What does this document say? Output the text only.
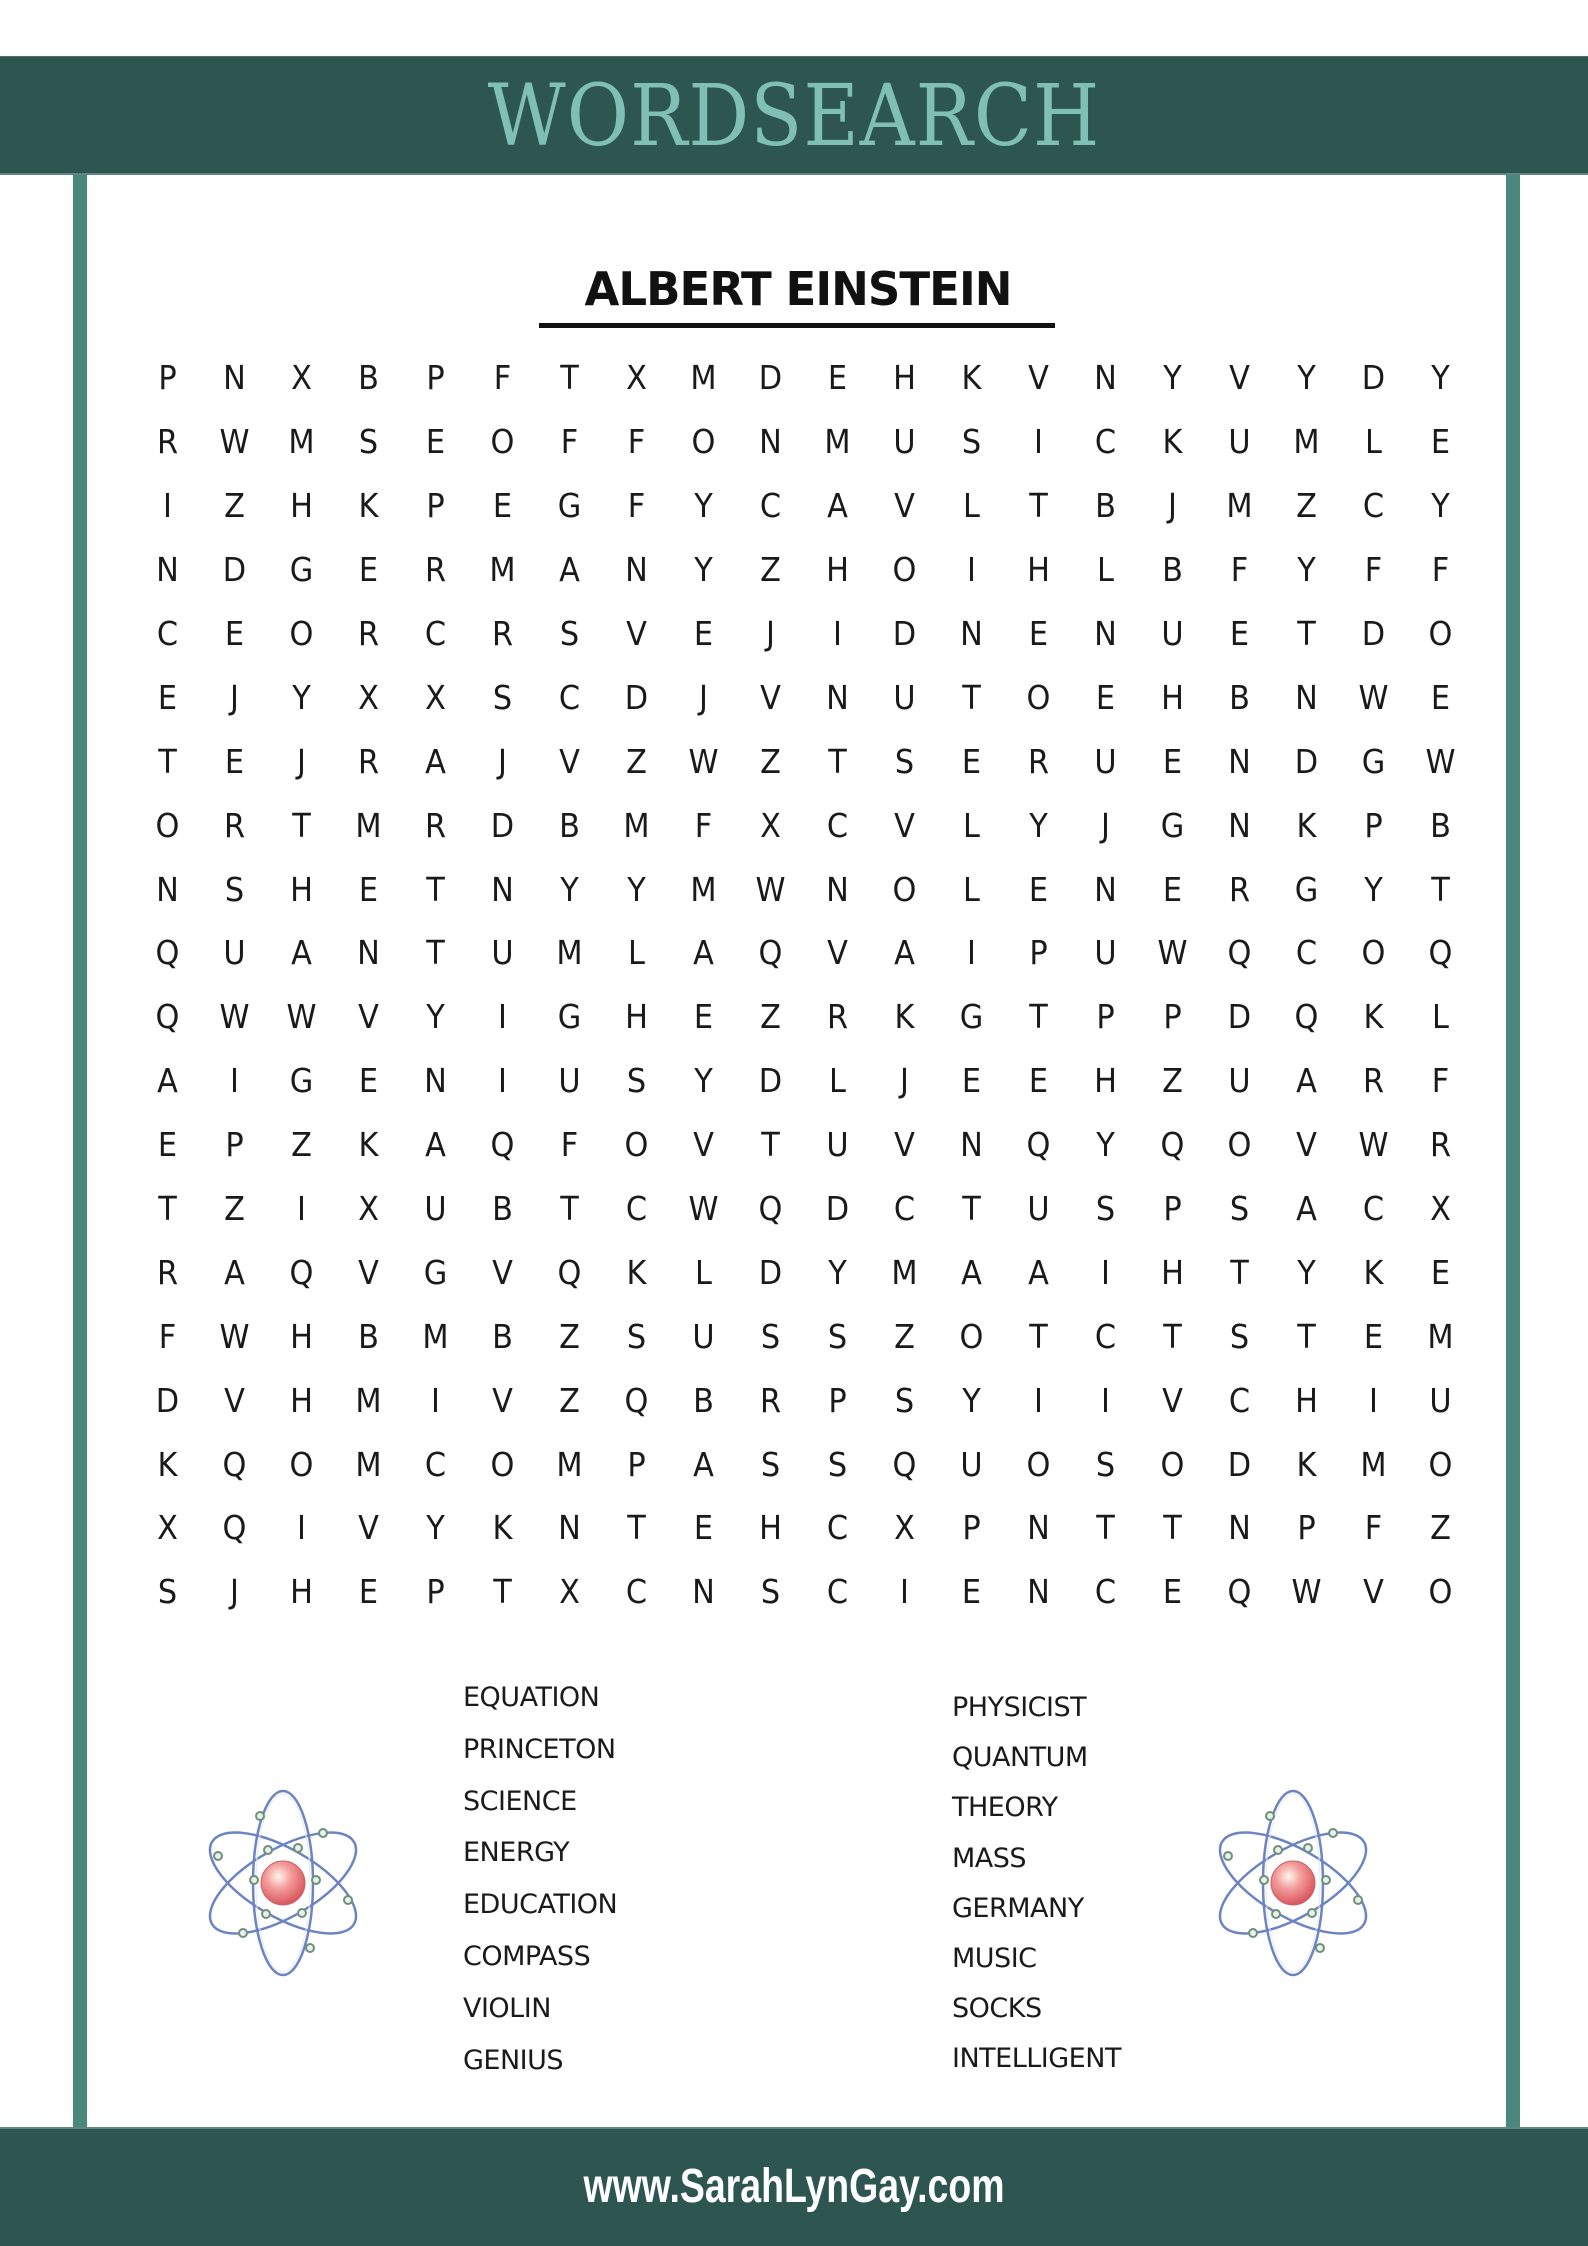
WORDSEARCH
ALBERT EINSTEIN
P	N	X	B	P	F	T	X	M	D	E	H	K	V	N	Y	V	Y	D	Y
R	W	M	S	E	O	F	F	O	N	M	U	S	I	C	K	U	M	L	E
I	Z	H	K	P	E	G	F	Y	C	A	V	L	T	B	J	M	Z	C	Y
N	D	G	E	R	M	A	N	Y	Z	H	O	I	H	L	B	F	Y	F	F
C	E	O	R	C	R	S	V	E	J	I	D	N	E	N	U	E	T	D	O
E	J	Y	X	X	S	C	D	J	V	N	U	T	O	E	H	B	N	W	E
T	E	J	R	A	J	V	Z	W	Z	T	S	E	R	U	E	N	D	G	W
O	R	T	M	R	D	B	M	F	X	C	V	L	Y	J	G	N	K	P	B
N	S	H	E	T	N	Y	Y	M	W	N	O	L	E	N	E	R	G	Y	T
Q	U	A	N	T	U	M	L	A	Q	V	A	I	P	U	W	Q	C	O	Q
Q	W	W	V	Y	I	G	H	E	Z	R	K	G	T	P	P	D	Q	K	L
A	I	G	E	N	I	U	S	Y	D	L	J	E	E	H	Z	U	A	R	F
E	P	Z	K	A	Q	F	O	V	T	U	V	N	Q	Y	Q	O	V	W	R
T	Z	I	X	U	B	T	C	W	Q	D	C	T	U	S	P	S	A	C	X
R	A	Q	V	G	V	Q	K	L	D	Y	M	A	A	I	H	T	Y	K	E
F	W	H	B	M	B	Z	S	U	S	S	Z	O	T	C	T	S	T	E	M
D	V	H	M	I	V	Z	Q	B	R	P	S	Y	I	I	V	C	H	I	U
K	Q	O	M	C	O	M	P	A	S	S	Q	U	O	S	O	D	K	M	O
X	Q	I	V	Y	K	N	T	E	H	C	X	P	N	T	T	N	P	F	Z
S	J	H	E	P	T	X	C	N	S	C	I	E	N	C	E	Q	W	V	O
EQUATION
PRINCETON
SCIENCE
ENERGY
EDUCATION
COMPASS
VIOLIN
GENIUS
PHYSICIST
QUANTUM
THEORY
MASS
GERMANY
MUSIC
SOCKS
INTELLIGENT
www.SarahLynGay.com
